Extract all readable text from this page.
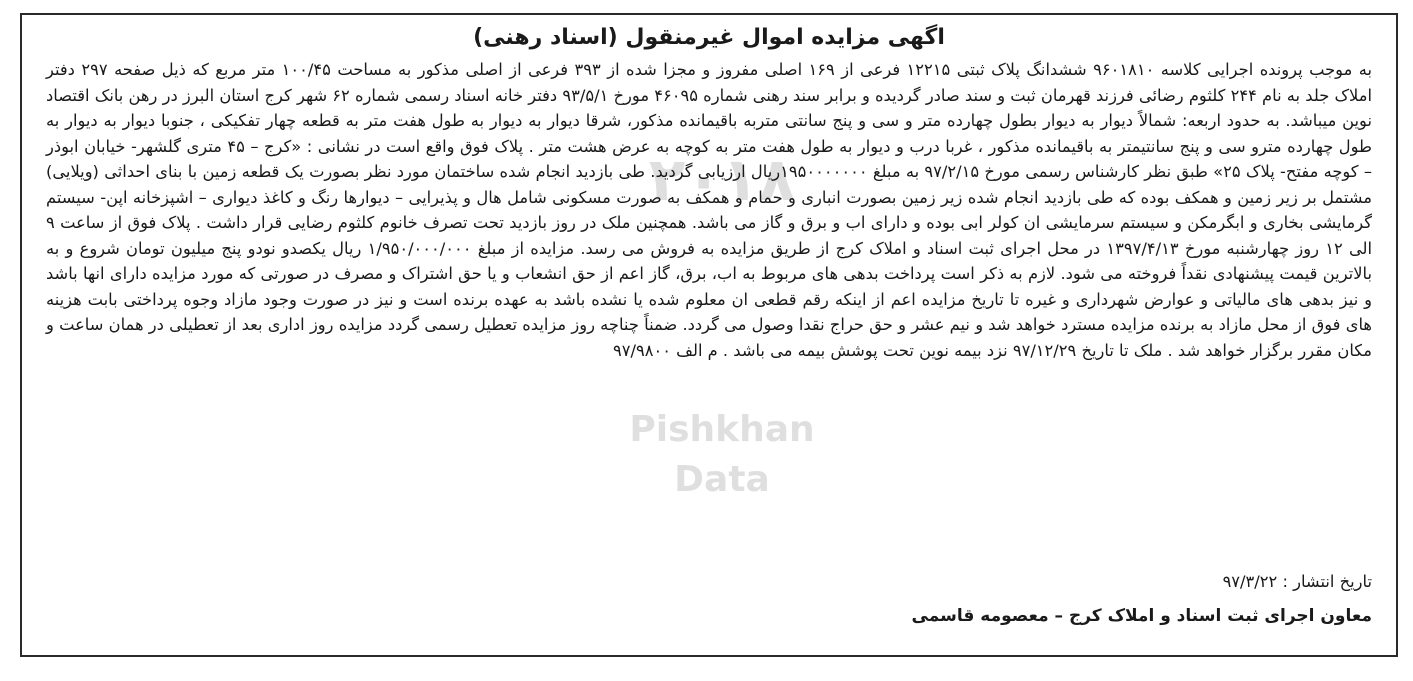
۲۰۱۸
Pishkhan Data
اگهی مزایده اموال غیرمنقول (اسناد رهنی)

به موجب پرونده اجرایی کلاسه ۹۶۰۱۸۱۰ ششدانگ پلاک ثبتی ۱۲۲۱۵ فرعی از ۱۶۹ اصلی مفروز و مجزا شده از ۳۹۳ فرعی از اصلی مذکور به مساحت ۱۰۰/۴۵ متر مربع که ذیل صفحه ۲۹۷ دفتر املاک جلد به نام ۲۴۴ کلثوم رضائی فرزند قهرمان ثبت و سند صادر گردیده و برابر سند رهنی شماره ۴۶۰۹۵ مورخ ۹۳/۵/۱ دفتر خانه اسناد رسمی شماره ۶۲ شهر کرج استان البرز در رهن بانک اقتصاد نوین میباشد. به حدود اربعه: شمالاً دیوار به دیوار بطول چهارده متر و سی و پنج سانتی متربه باقیمانده مذکور، شرقا دیوار به دیوار به طول هفت متر به قطعه چهار تفکیکی ، جنوبا دیوار به دیوار به طول چهارده مترو سی و پنج سانتیمتر به باقیمانده مذکور ، غربا درب و دیوار به طول هفت متر به کوچه به عرض هشت متر . پلاک فوق واقع است در نشانی : «کرج – ۴۵ متری گلشهر- خیابان ابوذر – کوچه مفتح- پلاک ۲۵» طبق نظر کارشناس رسمی مورخ ۹۷/۲/۱۵ به مبلغ ۱۹۵۰۰۰۰۰۰۰ریال ارزیابی گردید. طی بازدید انجام شده ساختمان مورد نظر بصورت یک قطعه زمین با بنای احداثی (ویلایی) مشتمل بر زیر زمین و همکف بوده که طی بازدید انجام شده زیر زمین بصورت انباری و حمام و همکف به صورت مسکونی شامل هال و پذیرایی – دیوارها رنگ و کاغذ دیواری – اشپزخانه اپن- سیستم گرمایشی بخاری و ابگرمکن و سیستم سرمایشی ان کولر ابی بوده و دارای اب و برق و گاز می باشد. همچنین ملک در روز بازدید تحت تصرف خانوم کلثوم رضایی قرار داشت . پلاک فوق از ساعت ۹ الی ۱۲ روز چهارشنبه مورخ ۱۳۹۷/۴/۱۳ در محل اجرای ثبت اسناد و املاک کرج از طریق مزایده به فروش می رسد. مزایده از مبلغ ۱/۹۵۰/۰۰۰/۰۰۰ ریال یکصدو نودو پنج میلیون تومان شروع و به بالاترین قیمت پیشنهادی نقداً فروخته می شود. لازم به ذکر است پرداخت بدهی های مربوط به اب، برق، گاز اعم از حق انشعاب و یا حق اشتراک و مصرف در صورتی که مورد مزایده دارای انها باشد و نیز بدهی های مالیاتی و عوارض شهرداری و غیره تا تاریخ مزایده اعم از اینکه رقم قطعی ان معلوم شده یا نشده باشد به عهده برنده است و نیز در صورت وجود مازاد وجوه پرداختی بابت هزینه های فوق از محل مازاد به برنده مزایده مسترد خواهد شد و نیم عشر و حق حراج نقدا وصول می گردد. ضمناً چناچه روز مزایده تعطیل رسمی گردد مزایده روز اداری بعد از تعطیلی در همان ساعت و مکان مقرر برگزار خواهد شد . ملک تا تاریخ ۹۷/۱۲/۲۹ نزد بیمه نوین تحت پوشش بیمه می باشد . م الف ۹۷/۹۸۰۰

تاریخ انتشار : ۹۷/۳/۲۲
معاون اجرای ثبت اسناد و املاک کرج – معصومه قاسمی
